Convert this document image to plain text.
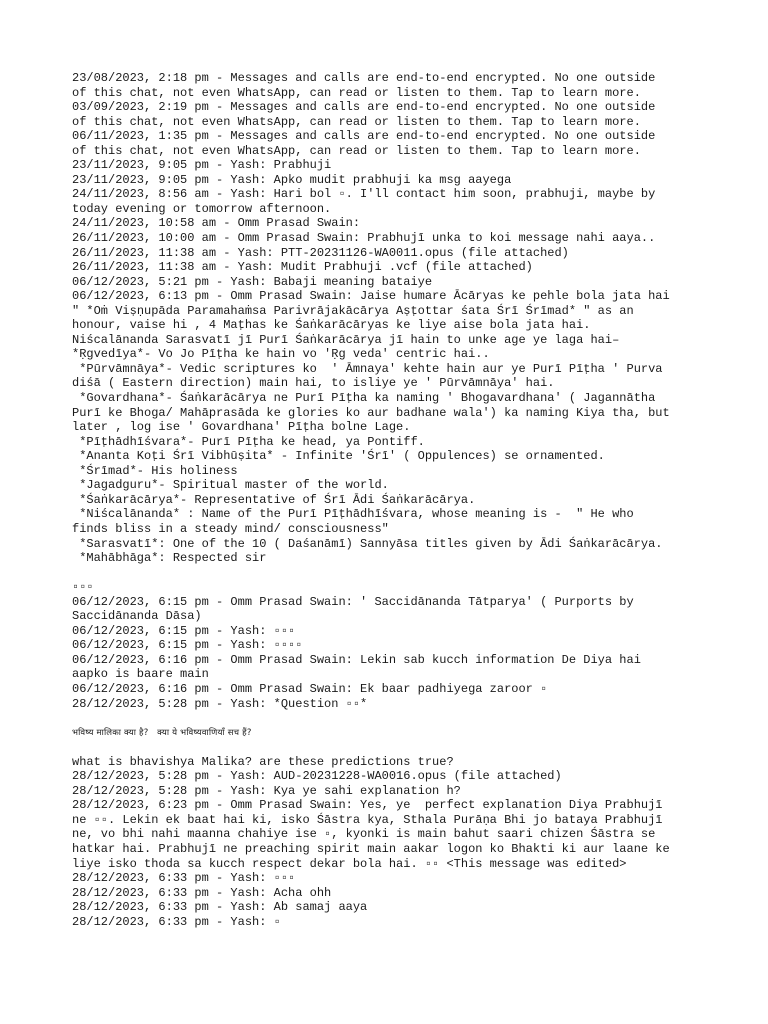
23/08/2023, 2:18 pm - Messages and calls are end-to-end encrypted. No one outside
of this chat, not even WhatsApp, can read or listen to them. Tap to learn more.
03/09/2023, 2:19 pm - Messages and calls are end-to-end encrypted. No one outside
of this chat, not even WhatsApp, can read or listen to them. Tap to learn more.
06/11/2023, 1:35 pm - Messages and calls are end-to-end encrypted. No one outside
of this chat, not even WhatsApp, can read or listen to them. Tap to learn more.
23/11/2023, 9:05 pm - Yash: Prabhuji
23/11/2023, 9:05 pm - Yash: Apko mudit prabhuji ka msg aayega
24/11/2023, 8:56 am - Yash: Hari bol ▫. I'll contact him soon, prabhuji, maybe by
today evening or tomorrow afternoon.
24/11/2023, 10:58 am - Omm Prasad Swain:
26/11/2023, 10:00 am - Omm Prasad Swain: Prabhujī unka to koi message nahi aaya..
26/11/2023, 11:38 am - Yash: PTT-20231126-WA0011.opus (file attached)
26/11/2023, 11:38 am - Yash: Mudit Prabhuji .vcf (file attached)
06/12/2023, 5:21 pm - Yash: Babaji meaning bataiye
06/12/2023, 6:13 pm - Omm Prasad Swain: Jaise humare Ācāryas ke pehle bola jata hai
" *Oṁ Viṣṇupāda Paramahaṁsa Parivrājakācārya Aṣṭottar śata Śrī Śrīmad* " as an
honour, vaise hi , 4 Maṭhas ke Śaṅkarācāryas ke liye aise bola jata hai.
Niścalānanda Sarasvatī jī Purī Śaṅkarācārya jī hain to unke age ye laga hai–
*Ṛgvedīya*- Vo Jo Pīṭha ke hain vo 'Ṛg veda' centric hai..
*Pūrvāmnāya*- Vedic scriptures ko  ' Āmnaya' kehte hain aur ye Purī Pīṭha ' Purva
diśā ( Eastern direction) main hai, to isliye ye ' Pūrvāmnāya' hai.
*Govardhana*- Śaṅkarācārya ne Purī Pīṭha ka naming ' Bhogavardhana' ( Jagannātha
Purī ke Bhoga/ Mahāprasāda ke glories ko aur badhane wala') ka naming Kiya tha, but
later , log ise ' Govardhana' Pīṭha bolne Lage.
*Pīṭhādhīśvara*- Purī Pīṭha ke head, ya Pontiff.
*Ananta Koṭi Śrī Vibhūṣita* - Infinite 'Śrī' ( Oppulences) se ornamented.
*Śrīmad*- His holiness
*Jagadguru*- Spiritual master of the world.
*Śaṅkarācārya*- Representative of Śrī Ādi Śaṅkarācārya.
*Niścalānanda* : Name of the Purī Pīṭhādhīśvara, whose meaning is -  " He who
finds bliss in a steady mind/ consciousness"
*Sarasvatī*: One of the 10 ( Daśanāmī) Sannyāsa titles given by Ādi Śaṅkarācārya.
*Mahābhāga*: Respected sir
▫▫▫
06/12/2023, 6:15 pm - Omm Prasad Swain: ' Saccidānanda Tātparya' ( Purports by
Saccidānanda Dāsa)
06/12/2023, 6:15 pm - Yash: ▫▫▫
06/12/2023, 6:15 pm - Yash: ▫▫▫▫
06/12/2023, 6:16 pm - Omm Prasad Swain: Lekin sab kucch information De Diya hai
aapko is baare main
06/12/2023, 6:16 pm - Omm Prasad Swain: Ek baar padhiyega zaroor ▫
28/12/2023, 5:28 pm - Yash: *Question ▫▫*
भविष्य मालिका क्या है?   क्या ये भविष्यवाणियाँ सच हैं?
what is bhavishya Malika? are these predictions true?
28/12/2023, 5:28 pm - Yash: AUD-20231228-WA0016.opus (file attached)
28/12/2023, 5:28 pm - Yash: Kya ye sahi explanation h?
28/12/2023, 6:23 pm - Omm Prasad Swain: Yes, ye  perfect explanation Diya Prabhujī
ne ▫▫. Lekin ek baat hai ki, isko Śāstra kya, Sthala Purāṇa Bhi jo bataya Prabhujī
ne, vo bhi nahi maanna chahiye ise ▫, kyonki is main bahut saari chizen Śāstra se
hatkar hai. Prabhujī ne preaching spirit main aakar logon ko Bhakti ki aur laane ke
liye isko thoda sa kucch respect dekar bola hai. ▫▫ <This message was edited>
28/12/2023, 6:33 pm - Yash: ▫▫▫
28/12/2023, 6:33 pm - Yash: Acha ohh
28/12/2023, 6:33 pm - Yash: Ab samaj aaya
28/12/2023, 6:33 pm - Yash: ▫
